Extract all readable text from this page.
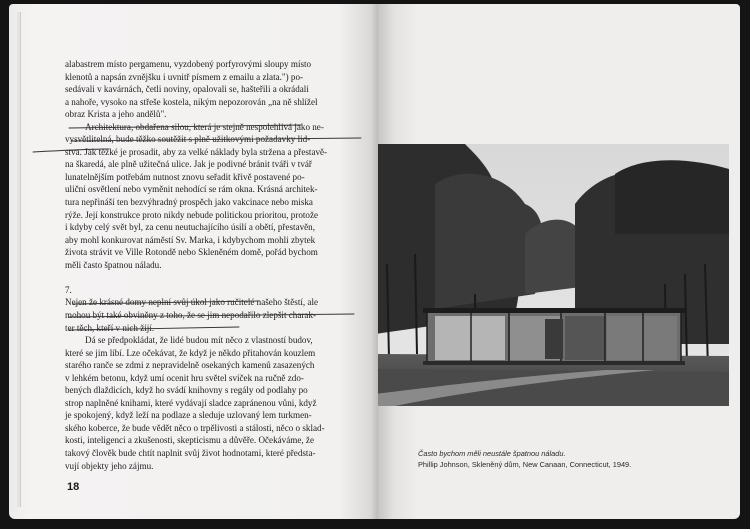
alabastrem místo pergamenu, vyzdobený porfyrovými sloupy místo
klenotů a napsán zvnějšku i uvnitř písmem z emailu a zlata.") po-
sedávali v kavárnách, četli noviny, opalovali se, hašteřili a okrádali
a nahoře, vysoko na střeše kostela, nikým nepozorován „na ně shlížel
obraz Krista a jeho andělů".
Architektura, obdařena silou, která je stejně nespolehlivá jako ne-
vysvětlitelná, bude těžko soutěžit s plně užitkovými požadavky lid-
stva. Jak těžké je prosadit, aby za velké náklady byla stržena a přestavě-
na škaredá, ale plně užitečná ulice. Jak je podivné bránit tváři v tvář
lunatelnějším potřebám nutnost znovu seřadit křivě postavené po-
uliční osvětlení nebo vyměnit nehodící se rám okna. Krásná architek-
tura nepřináší ten bezvýhradný prospěch jako vakcinace nebo miska
rýže. Její konstrukce proto nikdy nebude politickou prioritou, protože
i kdyby celý svět byl, za cenu neutuchajícího úsilí a obětí, přestavěn,
aby mohl konkurovat náměstí Sv. Marka, i kdybychom mohli zbytek
života strávit ve Ville Rotondě nebo Skleněném domě, pořád bychom
měli často špatnou náladu.
7.
Nejen že krásné domy neplní svůj úkol jako ručitelé našeho štěstí, ale
mohou být také obviněny z toho, že se jim nepodařilo zlepšit charak-
ter těch, kteří v nich žijí.
Dá se předpokládat, že lidé budou mít něco z vlastností budov,
které se jim líbí. Lze očekávat, že když je někdo přitahován kouzlem
starého ranče se zdmi z nepravidelně osekaných kamenů zasazených
v lehkém betonu, když umí ocenit hru světel svíček na ručně zdo-
bených dlaždicích, když ho svádí knihovny s regály od podlahy po
strop naplněné knihami, které vydávají sladce zapránenou vůni, když
je spokojený, když leží na podlaze a sleduje uzlovaný lem turkmen-
ského koberce, že bude vědět něco o trpělivosti a stálosti, něco o sklad-
kosti, inteligenci a zkušenosti, skepticismu a důvěře. Očekáváme, že
takový člověk bude chtít naplnit svůj život hodnotami, které předsta-
vují objekty jeho zájmu.
18
Často bychom měli neustále špatnou náladu.
Phillip Johnson, Skleněný dům, New Canaan, Connecticut, 1949.
